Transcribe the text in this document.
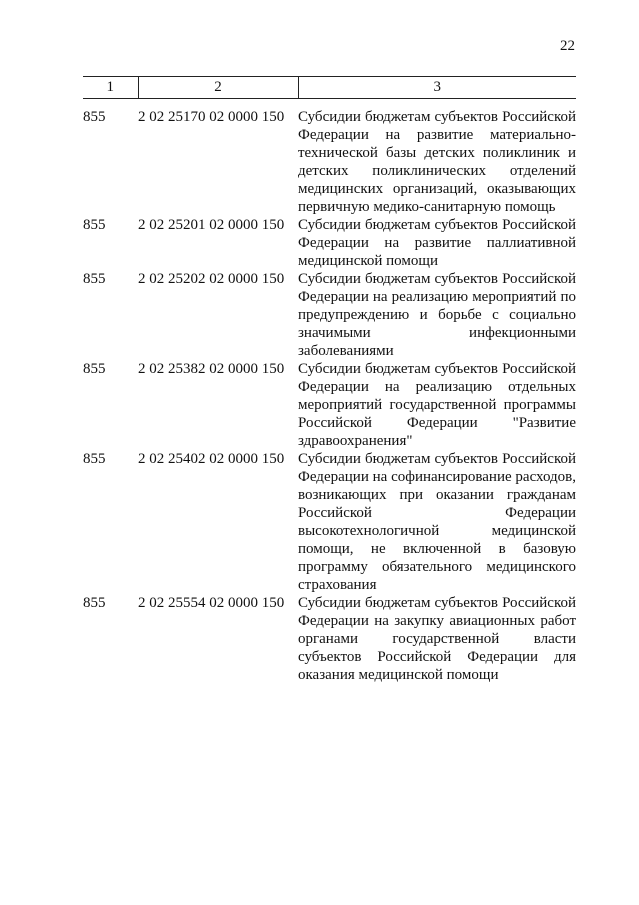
22
1	2	3

855	2 02 25170 02 0000 150	Субсидии бюджетам субъектов Российской Федерации на развитие материально-технической базы детских поликлиник и детских поликлинических отделений медицинских организаций, оказывающих первичную медико-санитарную помощь
855	2 02 25201 02 0000 150	Субсидии бюджетам субъектов Российской Федерации на развитие паллиативной медицинской помощи
855	2 02 25202 02 0000 150	Субсидии бюджетам субъектов Российской Федерации на реализацию мероприятий по предупреждению и борьбе с социально значимыми инфекционными заболеваниями
855	2 02 25382 02 0000 150	Субсидии бюджетам субъектов Российской Федерации на реализацию отдельных мероприятий государственной программы Российской Федерации "Развитие здравоохранения"
855	2 02 25402 02 0000 150	Субсидии бюджетам субъектов Российской Федерации на софинансирование расходов, возникающих при оказании гражданам Российской Федерации высокотехнологичной медицинской помощи, не включенной в базовую программу обязательного медицинского страхования
855	2 02 25554 02 0000 150	Субсидии бюджетам субъектов Российской Федерации на закупку авиационных работ органами государственной власти субъектов Российской Федерации для оказания медицинской помощи
